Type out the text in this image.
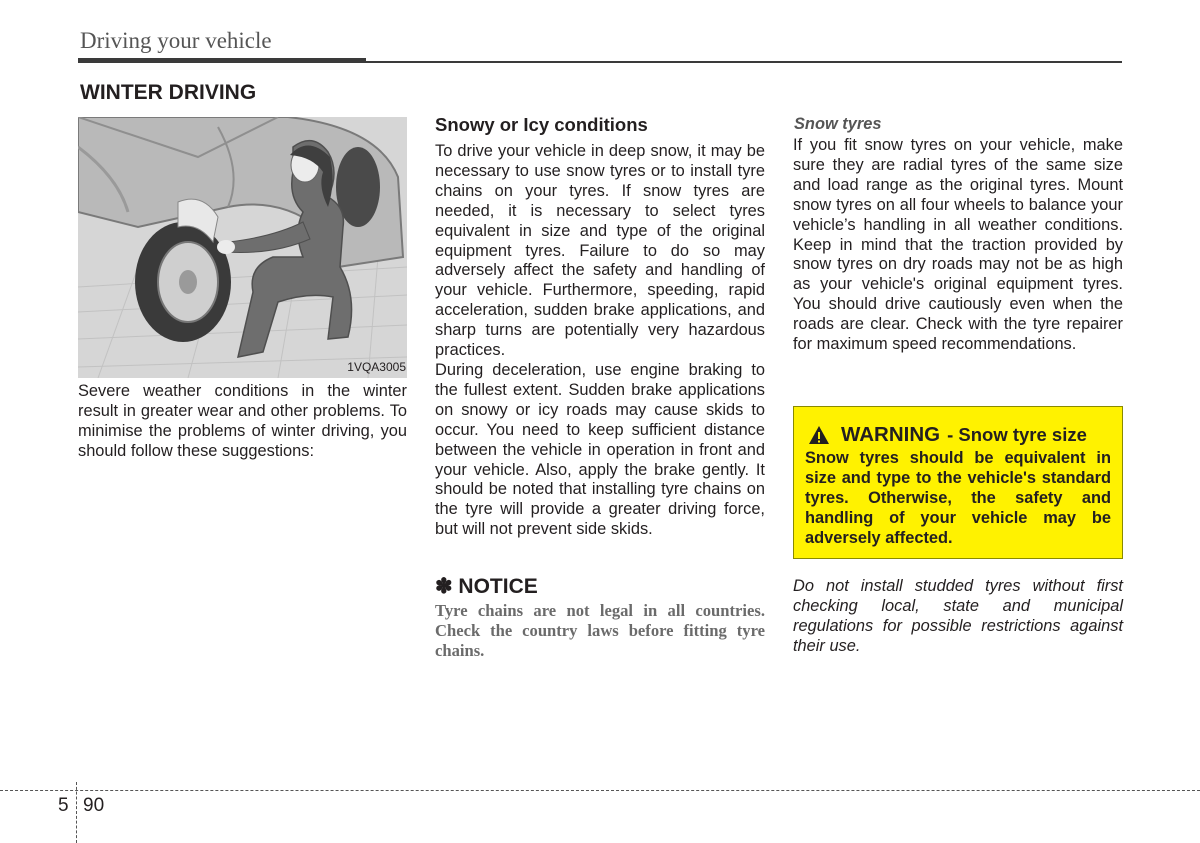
Driving your vehicle
WINTER DRIVING
1VQA3005

Severe weather conditions in the winter result in greater wear and other problems. To minimise the problems of winter driving, you should follow these suggestions:

Snowy or Icy conditions

To drive your vehicle in deep snow, it may be necessary to use snow tyres or to install tyre chains on your tyres. If snow tyres are needed, it is necessary to select tyres equivalent in size and type of the original equipment tyres. Failure to do so may adversely affect the safety and handling of your vehicle. Furthermore, speeding, rapid acceleration, sudden brake applications, and sharp turns are potentially very hazardous practices.

During deceleration, use engine braking to the fullest extent. Sudden brake applications on snowy or icy roads may cause skids to occur. You need to keep sufficient distance between the vehicle in operation in front and your vehicle. Also, apply the brake gently. It should be noted that installing tyre chains on the tyre will provide a greater driving force, but will not prevent side skids.

✽ NOTICE

Tyre chains are not legal in all countries. Check the country laws before fitting tyre chains.

Snow tyres

If you fit snow tyres on your vehicle, make sure they are radial tyres of the same size and load range as the original tyres. Mount snow tyres on all four wheels to balance your vehicle’s handling in all weather conditions. Keep in mind that the traction provided by snow tyres on dry roads may not be as high as your vehicle's original equipment tyres. You should drive cautiously even when the roads are clear. Check with the tyre repairer for maximum speed recommendations.

WARNING - Snow tyre size

Snow tyres should be equivalent in size and type to the vehicle's standard tyres. Otherwise, the safety and handling of your vehicle may be adversely affected.

Do not install studded tyres without first checking local, state and municipal regulations for possible restrictions against their use.

5 90
